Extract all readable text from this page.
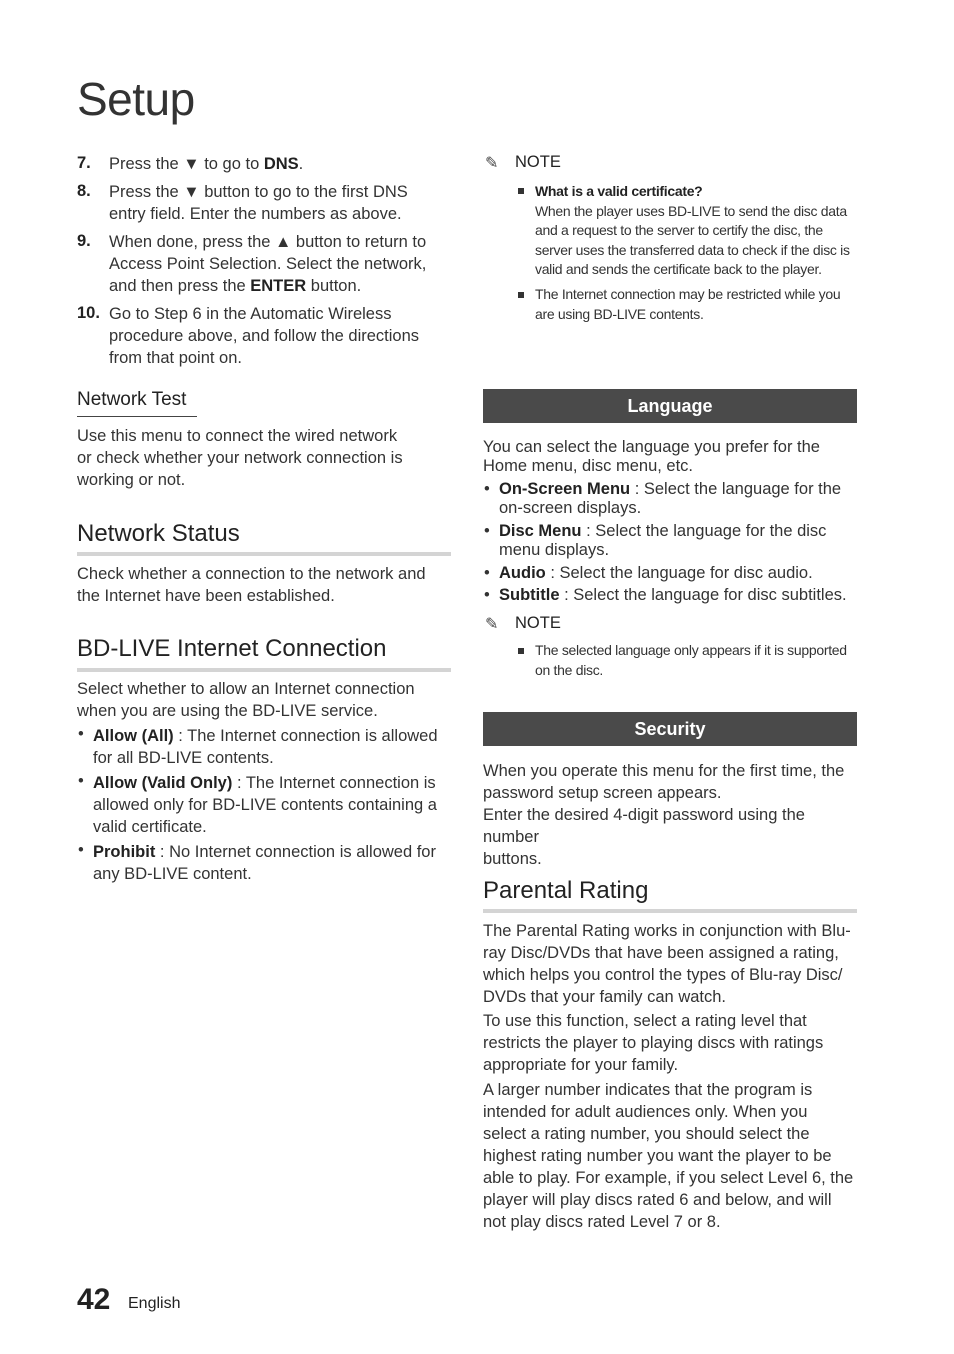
Setup
7. Press the ▼ to go to DNS.
8. Press the ▼ button to go to the first DNS
entry field. Enter the numbers as above.
9. When done, press the ▲ button to return to
Access Point Selection. Select the network,
and then press the ENTER button.
10. Go to Step 6 in the Automatic Wireless
procedure above, and follow the directions
from that point on.
Network Test
Use this menu to connect the wired network
or check whether your network connection is
working or not.
Network Status
Check whether a connection to the network and
the Internet have been established.
BD-LIVE Internet Connection
Select whether to allow an Internet connection
when you are using the BD-LIVE service.
• Allow (All) : The Internet connection is allowed
for all BD-LIVE contents.
• Allow (Valid Only) : The Internet connection is
allowed only for BD-LIVE contents containing a
valid certificate.
• Prohibit : No Internet connection is allowed for
any BD-LIVE content.
✎ NOTE
What is a valid certificate?
When the player uses BD-LIVE to send the disc data
and a request to the server to certify the disc, the
server uses the transferred data to check if the disc is
valid and sends the certificate back to the player.
The Internet connection may be restricted while you
are using BD-LIVE contents.
Language
You can select the language you prefer for the
Home menu, disc menu, etc.
• On-Screen Menu : Select the language for the
on-screen displays.
• Disc Menu : Select the language for the disc
menu displays.
• Audio : Select the language for disc audio.
• Subtitle : Select the language for disc subtitles.
✎ NOTE
The selected language only appears if it is supported
on the disc.
Security
When you operate this menu for the first time, the
password setup screen appears.
Enter the desired 4-digit password using the number
buttons.
Parental Rating
The Parental Rating works in conjunction with Blu-
ray Disc/DVDs that have been assigned a rating,
which helps you control the types of Blu-ray Disc/
DVDs that your family can watch.
To use this function, select a rating level that
restricts the player to playing discs with ratings
appropriate for your family.
A larger number indicates that the program is
intended for adult audiences only. When you
select a rating number, you should select the
highest rating number you want the player to be
able to play. For example, if you select Level 6, the
player will play discs rated 6 and below, and will
not play discs rated Level 7 or 8.
42 English
